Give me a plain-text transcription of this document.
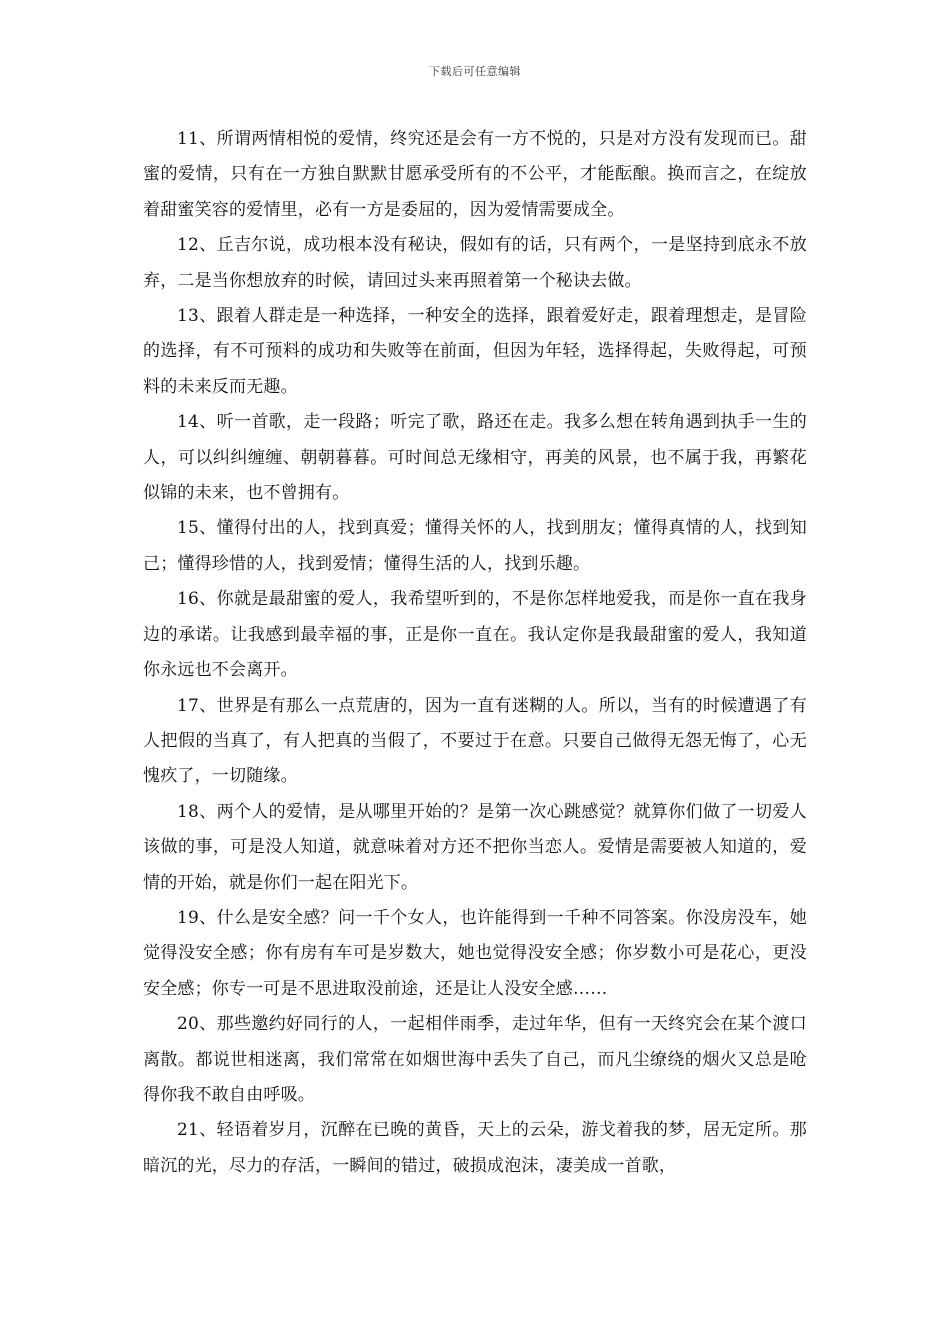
下载后可任意编辑

11、所谓两情相悦的爱情，终究还是会有一方不悦的，只是对方没有发现而已。甜蜜的爱情，只有在一方独自默默甘愿承受所有的不公平，才能酝酿。换而言之，在绽放着甜蜜笑容的爱情里，必有一方是委屈的，因为爱情需要成全。

12、丘吉尔说，成功根本没有秘诀，假如有的话，只有两个，一是坚持到底永不放弃，二是当你想放弃的时候，请回过头来再照着第一个秘诀去做。

13、跟着人群走是一种选择，一种安全的选择，跟着爱好走，跟着理想走，是冒险的选择，有不可预料的成功和失败等在前面，但因为年轻，选择得起，失败得起，可预料的未来反而无趣。

14、听一首歌，走一段路；听完了歌，路还在走。我多么想在转角遇到执手一生的人，可以纠纠缠缠、朝朝暮暮。可时间总无缘相守，再美的风景，也不属于我，再繁花似锦的未来，也不曾拥有。

15、懂得付出的人，找到真爱；懂得关怀的人，找到朋友；懂得真情的人，找到知己；懂得珍惜的人，找到爱情；懂得生活的人，找到乐趣。

16、你就是最甜蜜的爱人，我希望听到的，不是你怎样地爱我，而是你一直在我身边的承诺。让我感到最幸福的事，正是你一直在。我认定你是我最甜蜜的爱人，我知道你永远也不会离开。

17、世界是有那么一点荒唐的，因为一直有迷糊的人。所以，当有的时候遭遇了有人把假的当真了，有人把真的当假了，不要过于在意。只要自己做得无怨无悔了，心无愧疚了，一切随缘。

18、两个人的爱情，是从哪里开始的？是第一次心跳感觉？就算你们做了一切爱人该做的事，可是没人知道，就意味着对方还不把你当恋人。爱情是需要被人知道的，爱情的开始，就是你们一起在阳光下。

19、什么是安全感？问一千个女人，也许能得到一千种不同答案。你没房没车，她觉得没安全感；你有房有车可是岁数大，她也觉得没安全感；你岁数小可是花心，更没安全感；你专一可是不思进取没前途，还是让人没安全感……

20、那些邀约好同行的人，一起相伴雨季，走过年华，但有一天终究会在某个渡口离散。都说世相迷离，我们常常在如烟世海中丢失了自己，而凡尘缭绕的烟火又总是呛得你我不敢自由呼吸。

21、轻语着岁月，沉醉在已晚的黄昏，天上的云朵，游戈着我的梦，居无定所。那暗沉的光，尽力的存活，一瞬间的错过，破损成泡沫，凄美成一首歌，
